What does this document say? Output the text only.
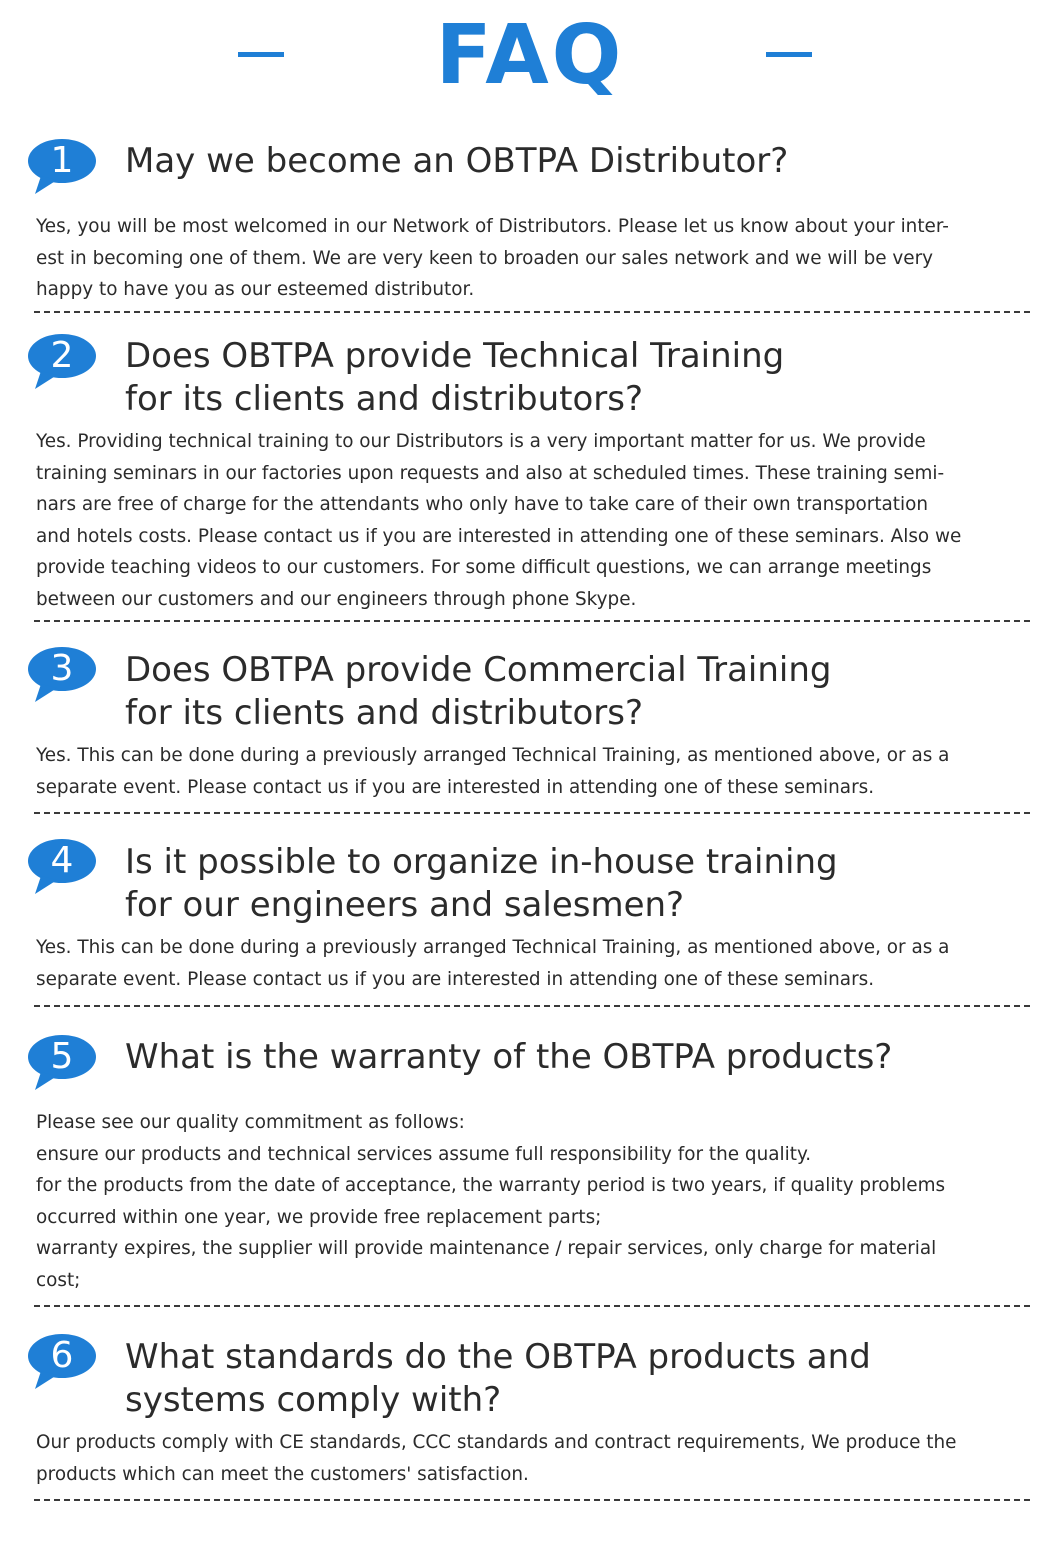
FAQ
1	May we become an OBTPA Distributor?
Yes, you will be most welcomed in our Network of Distributors. Please let us know about your inter-
est in becoming one of them. We are very keen to broaden our sales network and we will be very
happy to have you as our esteemed distributor.
2	Does OBTPA provide Technical Training
for its clients and distributors?
Yes. Providing technical training to our Distributors is a very important matter for us. We provide
training seminars in our factories upon requests and also at scheduled times. These training semi-
nars are free of charge for the attendants who only have to take care of their own transportation
and hotels costs. Please contact us if you are interested in attending one of these seminars. Also we
provide teaching videos to our customers. For some difficult questions, we can arrange meetings
between our customers and our engineers through phone Skype.
3	Does OBTPA provide Commercial Training
for its clients and distributors?
Yes. This can be done during a previously arranged Technical Training, as mentioned above, or as a
separate event. Please contact us if you are interested in attending one of these seminars.
4	Is it possible to organize in-house training
for our engineers and salesmen?
Yes. This can be done during a previously arranged Technical Training, as mentioned above, or as a
separate event. Please contact us if you are interested in attending one of these seminars.
5	What is the warranty of the OBTPA products?
Please see our quality commitment as follows:
ensure our products and technical services assume full responsibility for the quality.
for the products from the date of acceptance, the warranty period is two years, if quality problems
occurred within one year, we provide free replacement parts;
warranty expires, the supplier will provide maintenance / repair services, only charge for material
cost;
6	What standards do the OBTPA products and
systems comply with?
Our products comply with CE standards, CCC standards and contract requirements, We produce the
products which can meet the customers' satisfaction.
